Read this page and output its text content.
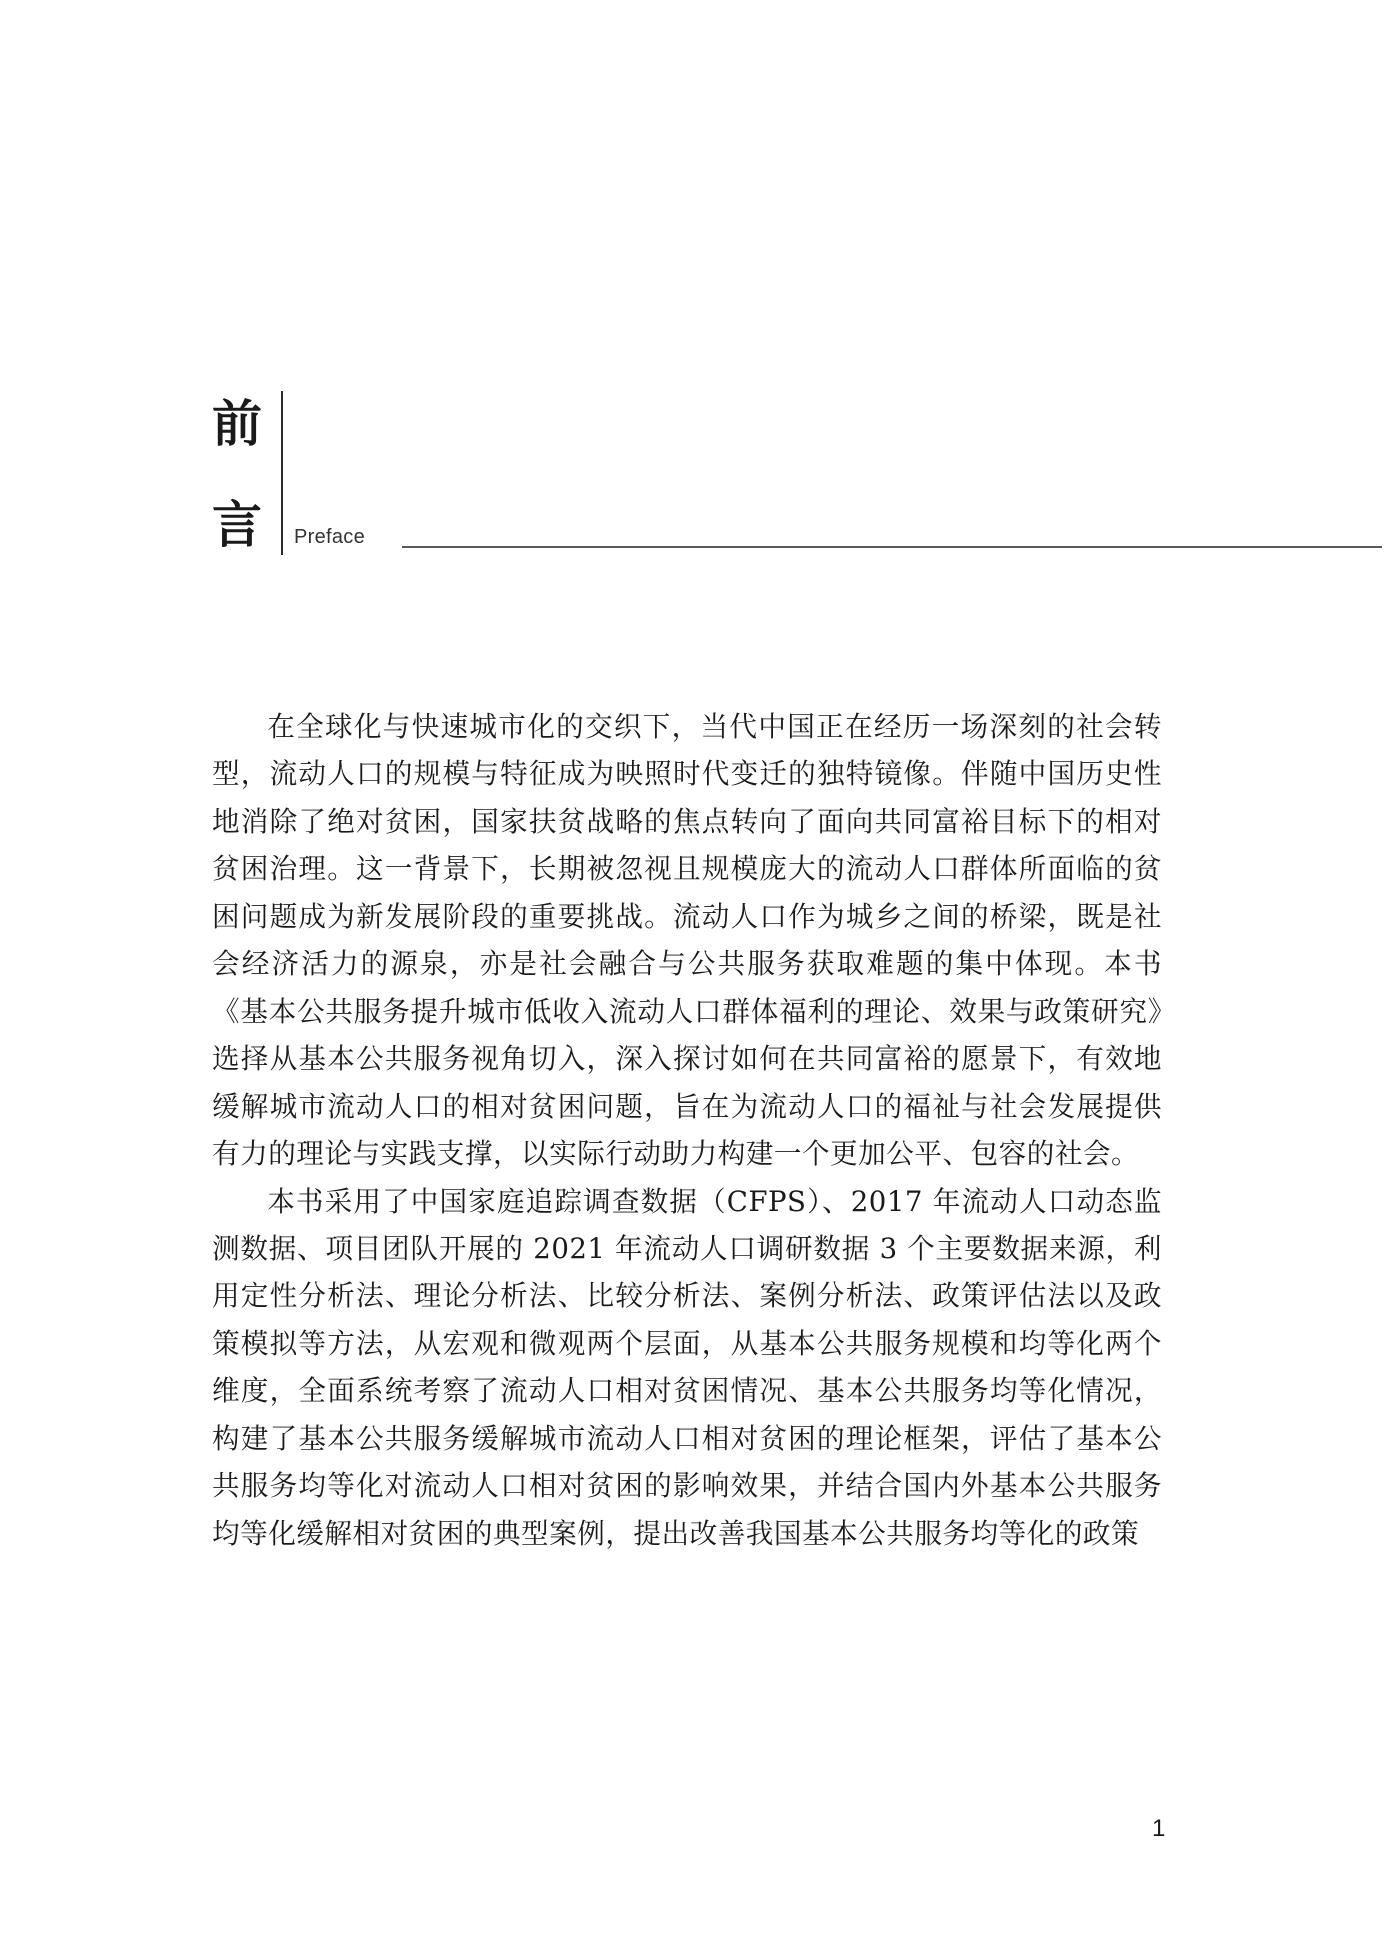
前
言 Preface

在全球化与快速城市化的交织下，当代中国正在经历一场深刻的社会转型，流动人口的规模与特征成为映照时代变迁的独特镜像。伴随中国历史性地消除了绝对贫困，国家扶贫战略的焦点转向了面向共同富裕目标下的相对贫困治理。这一背景下，长期被忽视且规模庞大的流动人口群体所面临的贫困问题成为新发展阶段的重要挑战。流动人口作为城乡之间的桥梁，既是社会经济活力的源泉，亦是社会融合与公共服务获取难题的集中体现。本书《基本公共服务提升城市低收入流动人口群体福利的理论、效果与政策研究》选择从基本公共服务视角切入，深入探讨如何在共同富裕的愿景下，有效地缓解城市流动人口的相对贫困问题，旨在为流动人口的福祉与社会发展提供有力的理论与实践支撑，以实际行动助力构建一个更加公平、包容的社会。

本书采用了中国家庭追踪调查数据（CFPS）、2017 年流动人口动态监测数据、项目团队开展的 2021 年流动人口调研数据 3 个主要数据来源，利用定性分析法、理论分析法、比较分析法、案例分析法、政策评估法以及政策模拟等方法，从宏观和微观两个层面，从基本公共服务规模和均等化两个维度，全面系统考察了流动人口相对贫困情况、基本公共服务均等化情况，构建了基本公共服务缓解城市流动人口相对贫困的理论框架，评估了基本公共服务均等化对流动人口相对贫困的影响效果，并结合国内外基本公共服务均等化缓解相对贫困的典型案例，提出改善我国基本公共服务均等化的政策

1
